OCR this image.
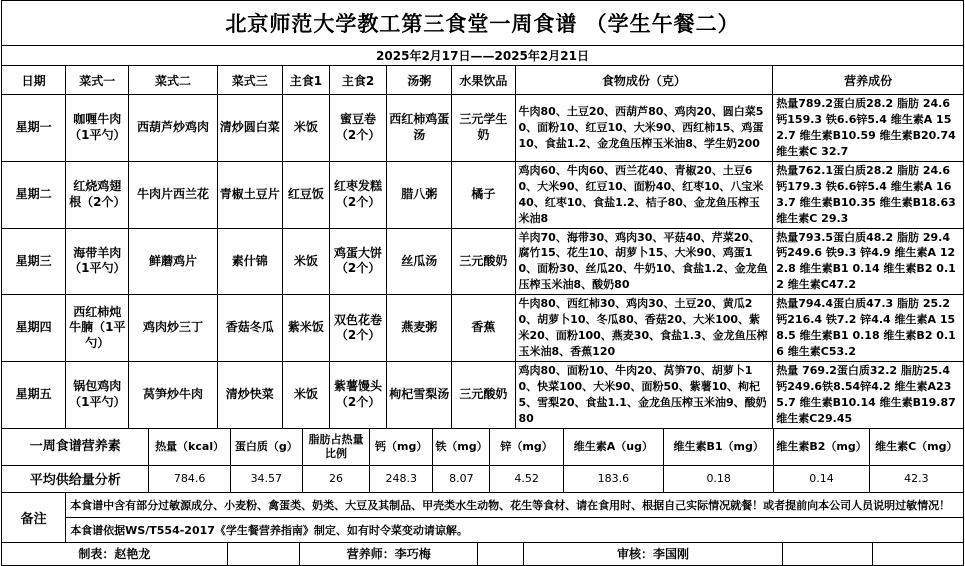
北京师范大学教工第三食堂一周食谱 （学生午餐二）									
2025年2月17日——2025年2月21日									
日期	菜式一	菜式二	菜式三	主食1	主食2	汤粥	水果饮品	食物成份（克）	营养成份
星期一	咖喱牛肉（1平勺）	西葫芦炒鸡肉	清炒圆白菜	米饭	蜜豆卷（2个）	西红柿鸡蛋汤	三元学生奶	牛肉80、土豆20、西葫芦80、鸡肉20、圆白菜50、面粉10、红豆10、大米90、西红柿15、鸡蛋10、食盐1.2、金龙鱼压榨玉米油8、学生奶200	热量789.2蛋白质28.2 脂肪 24.6钙159.3 铁6.6锌5.4 维生素A 152.7 维生素B10.59 维生素B20.74 维生素C 32.7
星期二	红烧鸡翅根（2个）	牛肉片西兰花	青椒土豆片	红豆饭	红枣发糕（2个）	腊八粥	橘子	鸡肉60、牛肉60、西兰花40、青椒20、土豆60、大米90、红豆10、面粉40、红枣10、八宝米40、红枣10、食盐1.2、桔子80、金龙鱼压榨玉米油8	热量762.1蛋白质28.2 脂肪 24.6钙179.3 铁6.6锌5.4 维生素A 163.7 维生素B10.35 维生素B18.63 维生素C 29.3
星期三	海带羊肉（1平勺）	鲜蘑鸡片	素什锦	米饭	鸡蛋大饼（2个）	丝瓜汤	三元酸奶	羊肉70、海带30、鸡肉30、平菇40、芹菜20、腐竹15、花生10、胡萝卜15、大米90、鸡蛋10、面粉30、丝瓜20、牛奶10、食盐1.2、金龙鱼压榨玉米油8、酸奶80	热量793.5蛋白质48.2 脂肪 29.4 钙249.6 铁9.3 锌4.9 维生素A 122.8 维生素B1 0.14 维生素B2 0.12 维生素C47.2
星期四	西红柿炖牛腩（1平勺）	鸡肉炒三丁	香菇冬瓜	紫米饭	双色花卷（2个）	燕麦粥	香蕉	牛肉80、西红柿30、鸡肉30、土豆20、黄瓜20、胡萝卜10、冬瓜80、香菇20、大米100、紫米20、面粉100、燕麦30、食盐1.3、金龙鱼压榨玉米油8、香蕉120	热量794.4蛋白质47.3 脂肪 25.2 钙216.4 铁7.2 锌4.4 维生素A 158.5 维生素B1 0.18 维生素B2 0.16 维生素C53.2
星期五	锅包鸡肉（1平勺）	莴笋炒牛肉	清炒快菜	米饭	紫薯馒头（2个）	枸杞雪梨汤	三元酸奶	鸡肉80、面粉10、牛肉20、莴笋70、胡萝卜10、快菜100、大米90、面粉50、紫薯10、枸杞5、雪梨20、食盐1.1、金龙鱼压榨玉米油9、酸奶80	热量 769.2蛋白质32.2 脂肪25.4钙249.6铁8.54锌4.2 维生素A235.7 维生素B10.14 维生素B19.87 维生素C29.45
一周食谱营养素	热量（kcal）	蛋白质（g）	脂肪占热量比例	钙（mg）	铁（mg）	锌（mg）	维生素A（ug）	维生素B1（mg）	维生素B2（mg）	维生素C（mg）
平均供给量分析	784.6	34.57	26	248.3	8.07	4.52	183.6	0.18	0.14	42.3
备注	本食谱中含有部分过敏源成分、小麦粉、禽蛋类、奶类、大豆及其制品、甲壳类水生动物、花生等食材、请在食用时、根据自己实际情况就餐！或者提前向本公司人员说明过敏情况！
本食谱依据WS/T554-2017《学生餐营养指南》制定、如有时令菜变动请谅解。
制表：赵艳龙		营养师：李巧梅		审核：李国刚		
